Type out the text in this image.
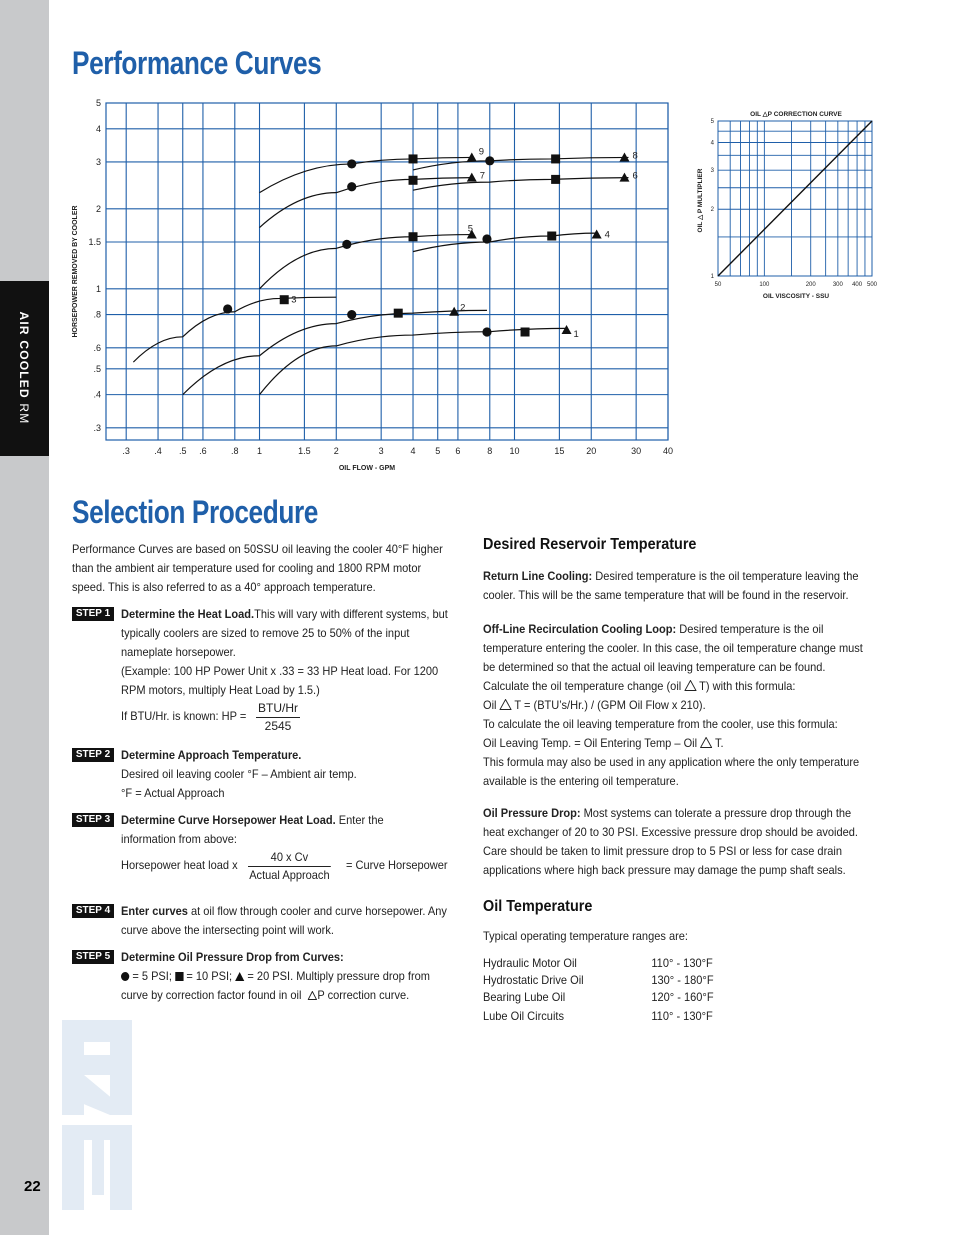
AIR COOLED RM
22
Performance Curves
Selection Procedure
.3	.4 .5 .6	.8 1	1.5	2	3	4 5 6	8 10	15 20	30 40
5
4
3
2
1.5
1
.8
.6
.5
.4
.3
OIL FLOW - GPM
HORSEPOWER REMOVED BY COOLER	1
2
3
4
5
6
7
8
9
50	100	200	300 400 500
1
2
3
4
5
OIL △P CORRECTION CURVE
OIL VISCOSITY - SSU
OIL △ P MULTIPLIER
Performance Curves are based on 50SSU oil leaving the cooler 40°F higher than the ambient air temperature used for cooling and 1800 RPM motor speed. This is also referred to as a 40° approach temperature.
STEP 1 Determine the Heat Load.This will vary with different systems, but typically coolers are sized to remove 25 to 50% of the input nameplate horsepower.
(Example: 100 HP Power Unit x .33 = 33 HP Heat load. For 1200 RPM motors, multiply Heat Load by 1.5.)
If BTU/Hr. is known: HP =
BTU/Hr
2545
STEP 2 Determine Approach Temperature.
Desired oil leaving cooler °F – Ambient air temp.
°F = Actual Approach
STEP 3 Determine Curve Horsepower Heat Load. Enter the information from above:
Horsepower heat load x
40 x Cv
Actual Approach
= Curve Horsepower
STEP 4 Enter curves at oil flow through cooler and curve horsepower. Any curve above the intersecting point will work.
STEP 5 Determine Oil Pressure Drop from Curves:
= 5 PSI;  = 10 PSI;  = 20 PSI. Multiply pressure drop from curve by correction factor found in oil P correction curve.
Desired Reservoir Temperature
Return Line Cooling: Desired temperature is the oil temperature leaving the cooler. This will be the same temperature that will be found in the reservoir.
Off-Line Recirculation Cooling Loop: Desired temperature is the oil temperature entering the cooler. In this case, the oil temperature change must be determined so that the actual oil leaving temperature can be found. Calculate the oil temperature change (oil  T) with this formula:
Oil  T = (BTU’s/Hr.) / (GPM Oil Flow x 210).
To calculate the oil leaving temperature from the cooler, use this formula:
Oil Leaving Temp. = Oil Entering Temp – Oil  T.
This formula may also be used in any application where the only temperature available is the entering oil temperature.
Oil Pressure Drop: Most systems can tolerate a pressure drop through the heat exchanger of 20 to 30 PSI. Excessive pressure drop should be avoided. Care should be taken to limit pressure drop to 5 PSI or less for case drain applications where high back pressure may damage the pump shaft seals.
Oil Temperature
Typical operating temperature ranges are:
Hydraulic Motor Oil	110° - 130°F
Hydrostatic Drive Oil	130° - 180°F
Bearing Lube Oil	120° - 160°F
Lube Oil Circuits	110° - 130°F
